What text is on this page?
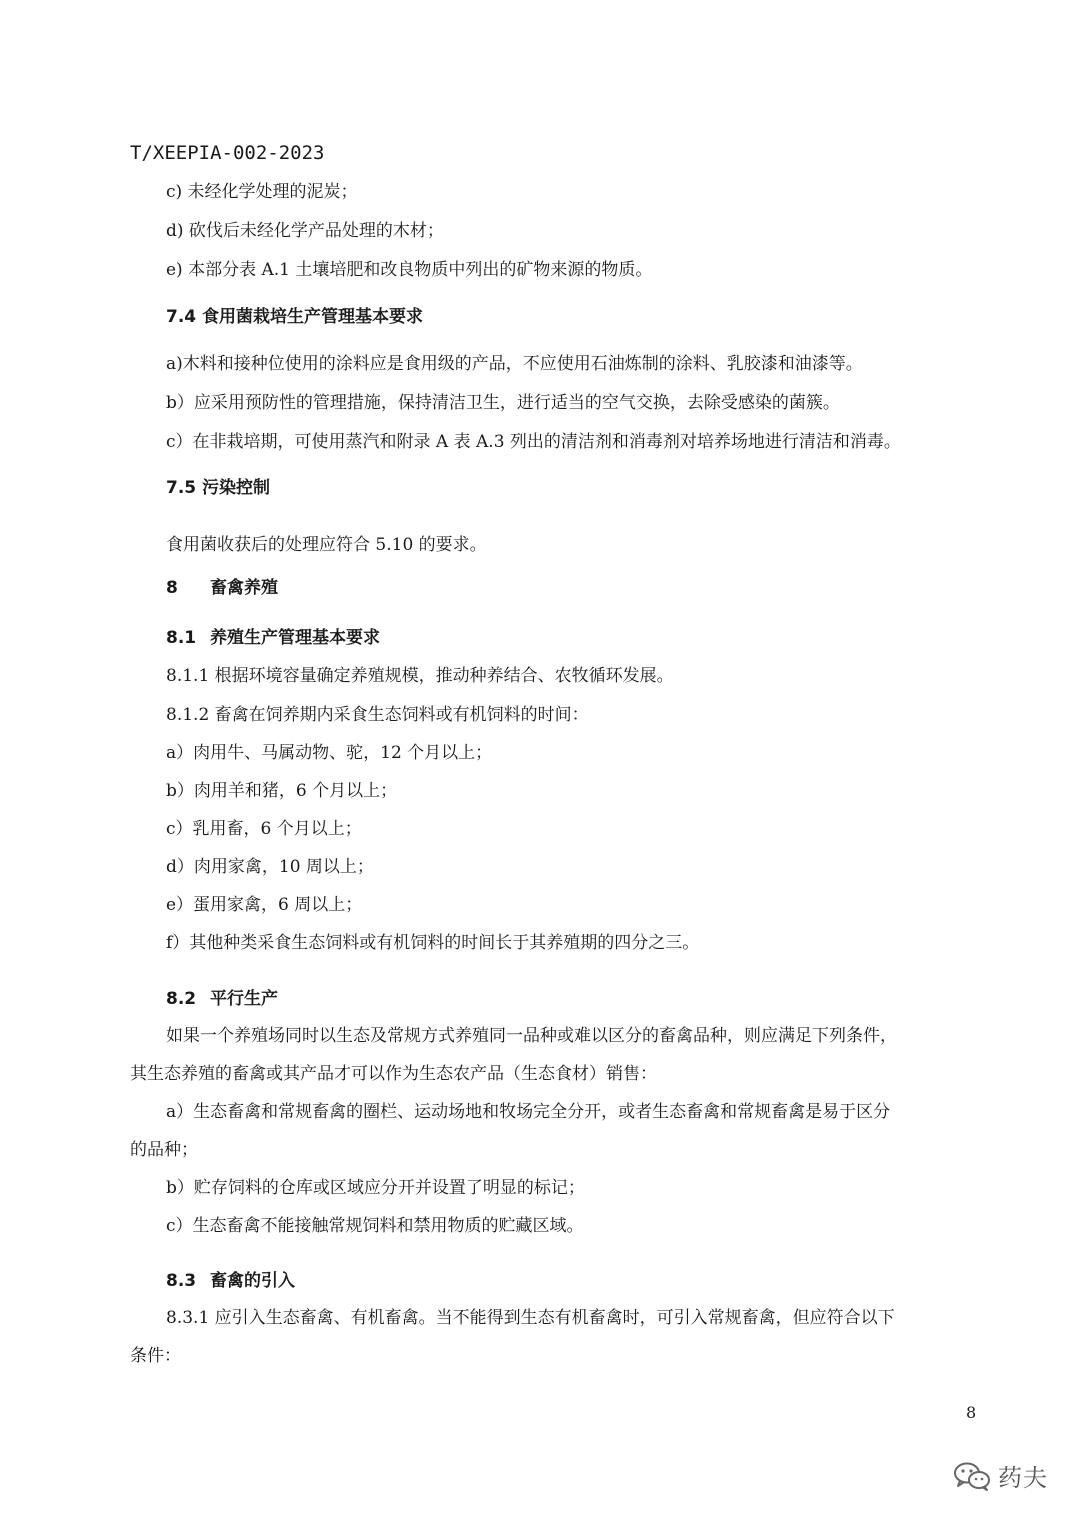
T/XEEPIA-002-2023
c) 未经化学处理的泥炭；
d) 砍伐后未经化学产品处理的木材；
e) 本部分表 A.1 土壤培肥和改良物质中列出的矿物来源的物质。
7.4 食用菌栽培生产管理基本要求
a)木料和接种位使用的涂料应是食用级的产品，不应使用石油炼制的涂料、乳胶漆和油漆等。
b）应采用预防性的管理措施，保持清洁卫生，进行适当的空气交换，去除受感染的菌簇。
c）在非栽培期，可使用蒸汽和附录 A 表 A.3 列出的清洁剂和消毒剂对培养场地进行清洁和消毒。
7.5 污染控制
食用菌收获后的处理应符合 5.10 的要求。
8 畜禽养殖
8.1 养殖生产管理基本要求
8.1.1 根据环境容量确定养殖规模，推动种养结合、农牧循环发展。
8.1.2 畜禽在饲养期内采食生态饲料或有机饲料的时间：
a）肉用牛、马属动物、驼，12 个月以上；
b）肉用羊和猪，6 个月以上；
c）乳用畜，6 个月以上；
d）肉用家禽，10 周以上；
e）蛋用家禽，6 周以上；
f）其他种类采食生态饲料或有机饲料的时间长于其养殖期的四分之三。
8.2 平行生产
如果一个养殖场同时以生态及常规方式养殖同一品种或难以区分的畜禽品种，则应满足下列条件，
其生态养殖的畜禽或其产品才可以作为生态农产品（生态食材）销售：
a）生态畜禽和常规畜禽的圈栏、运动场地和牧场完全分开，或者生态畜禽和常规畜禽是易于区分
的品种；
b）贮存饲料的仓库或区域应分开并设置了明显的标记；
c）生态畜禽不能接触常规饲料和禁用物质的贮藏区域。
8.3 畜禽的引入
8.3.1 应引入生态畜禽、有机畜禽。当不能得到生态有机畜禽时，可引入常规畜禽，但应符合以下
条件：
8
药夫
